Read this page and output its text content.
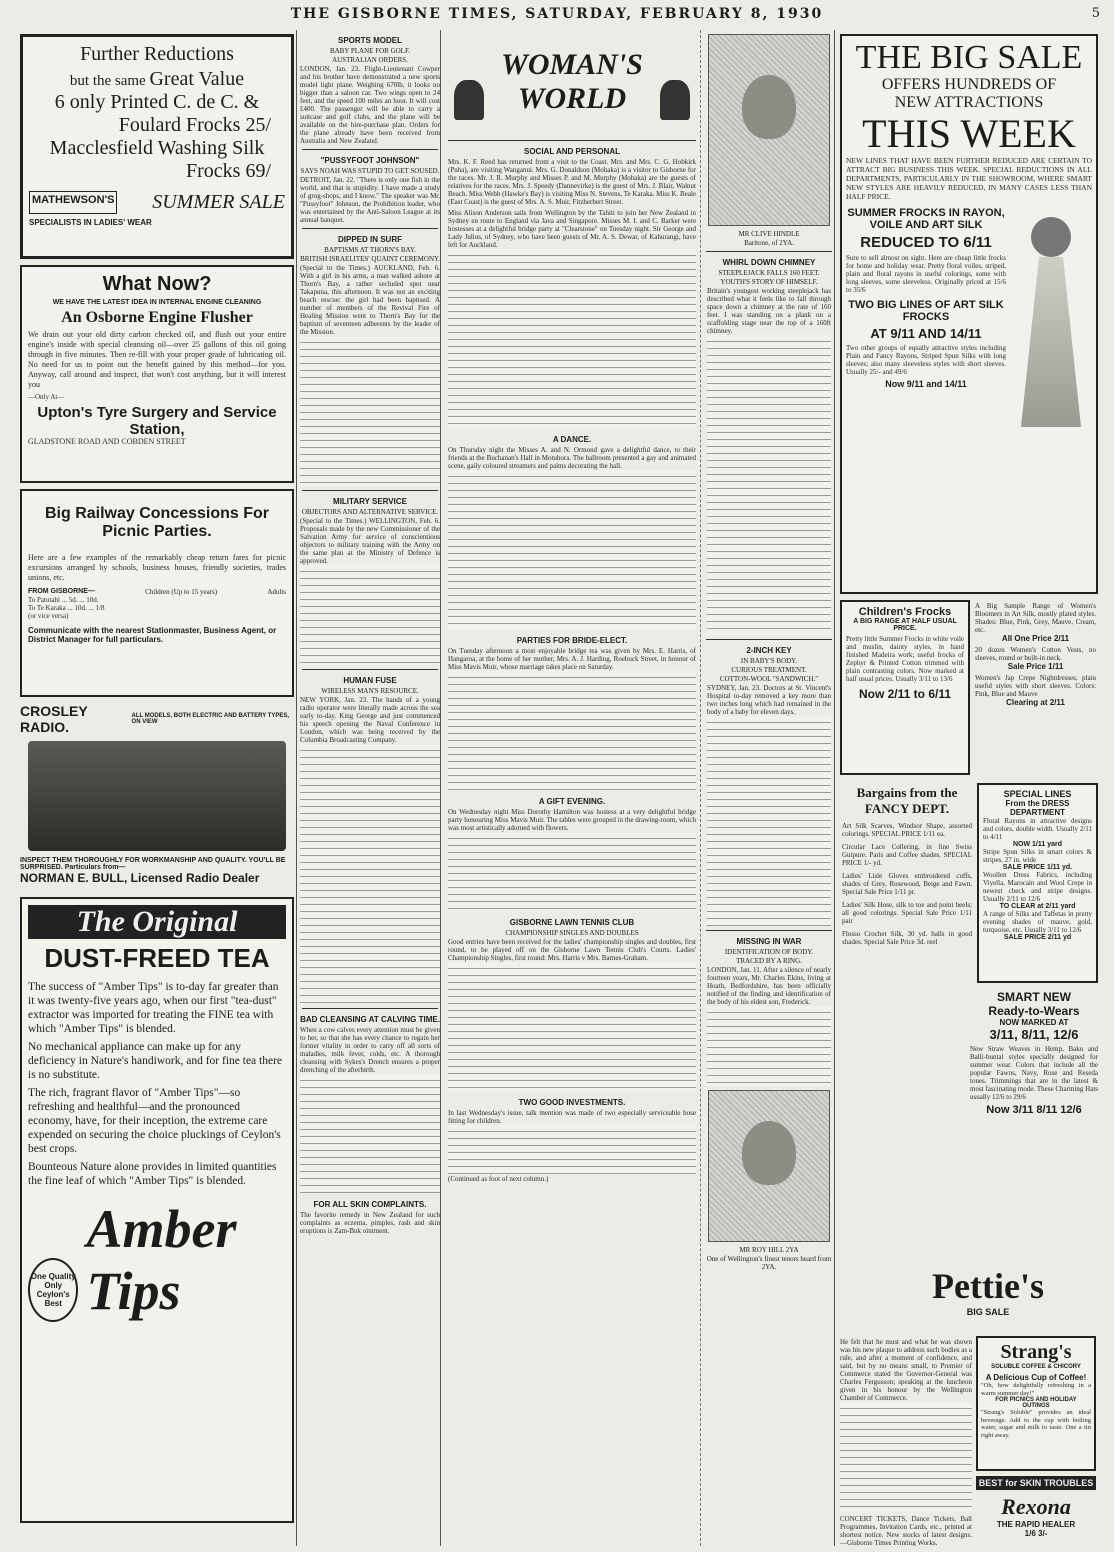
THE GISBORNE TIMES, SATURDAY, FEBRUARY 8, 1930	5
Further Reductions
but the same Great Value
6 only Printed C. de C. &
Foulard Frocks 25/
Macclesfield Washing Silk
Frocks 69/
MATHEWSON'S SUMMER SALE
SPECIALISTS IN LADIES' WEAR
What Now?
WE HAVE THE LATEST IDEA IN INTERNAL ENGINE CLEANING
An Osborne Engine Flusher
We drain out your old dirty carbon checked oil, and flush out your entire engine's inside with special cleansing oil—over 25 gallons of this oil going through in five minutes. Then re-fill with your proper grade of lubricating oil. No need for us to point out the benefit gained by this method—for you. Anyway, call around and inspect, that won't cost anything, but it will interest you
—Only At—
Upton's Tyre Surgery and Service Station,
GLADSTONE ROAD AND COBDEN STREET
Big Railway Concessions For Picnic Parties.
Here are a few examples of the remarkably cheap return fares for picnic excursions arranged by schools, business houses, friendly societies, trades unions, etc.
FROM GISBORNE—	Children (Up to 15 years)	Adults
To Patutahi ... 5d. ... 10d.
To Te Karaka ... 10d. ... 1/8
(or vice versa)
Communicate with the nearest Stationmaster, Business Agent, or District Manager for full particulars.
CROSLEY RADIO.
ALL MODELS, BOTH ELECTRIC AND BATTERY TYPES, ON VIEW
INSPECT THEM THOROUGHLY FOR WORKMANSHIP AND QUALITY. YOU'LL BE SURPRISED. Particulars from—
NORMAN E. BULL, Licensed Radio Dealer
The Original
DUST-FREED TEA
The success of "Amber Tips" is to-day far greater than it was twenty-five years ago, when our first "tea-dust" extractor was imported for treating the FINE tea with which "Amber Tips" is blended.
No mechanical appliance can make up for any deficiency in Nature's handiwork, and for fine tea there is no substitute.
The rich, fragrant flavor of "Amber Tips"—so refreshing and healthful—and the pronounced economy, have, for their inception, the extreme care expended on securing the choice pluckings of Ceylon's best crops.
Bounteous Nature alone provides in limited quantities the fine leaf of which "Amber Tips" is blended.
One Quality Only Ceylon's Best
Amber Tips
SPORTS MODEL
BABY PLANE FOR GOLF.
AUSTRALIAN ORDERS.
LONDON, Jan. 23. Flight-Lieutenant Cowper and his brother have demonstrated a new sports model light plane. Weighing 670lb, it looks no bigger than a saloon car. Two wings open to 24 feet, and the speed 100 miles an hour. It will cost £400. The passenger will be able to carry a suitcase and golf clubs, and the plane will be available on the hire-purchase plan. Orders for the plane already have been received from Australia and New Zealand.
"PUSSYFOOT JOHNSON"
SAYS NOAH WAS STUPID TO GET SOUSED.
DETROIT, Jan. 22. "There is only one fish in the world, and that is stupidity. I have made a study of grog-shops, and I know." The speaker was Mr. "Pussyfoot" Johnson, the Prohibition leader, who was entertained by the Anti-Saloon League at its annual banquet.
DIPPED IN SURF
BAPTISMS AT THORN'S BAY.
BRITISH ISRAELITES' QUAINT CEREMONY.
(Special to the Times.) AUCKLAND, Feb. 6. With a girl in his arms, a man walked ashore at Thorn's Bay, a rather secluded spot near Takapuna, this afternoon. It was not an exciting beach rescue: the girl had been baptised. A number of members of the Revival Fire of Healing Mission went to Thorn's Bay for the baptism of seventeen adherents by the leader of the Mission.
MILITARY SERVICE
OBJECTORS AND ALTERNATIVE SERVICE.
(Special to the Times.) WELLINGTON, Feb. 6. Proposals made by the new Commissioner of the Salvation Army for service of conscientious objectors to military training with the Army on the same plan at the Ministry of Defence is approved.
HUMAN FUSE
WIRELESS MAN'S RESOURCE.
NEW YORK, Jan. 23. The hands of a young radio operator were literally made across the sea early to-day. King George and just commenced his speech opening the Naval Conference in London, which was being received by the Columbia Broadcasting Company.
BAD CLEANSING AT CALVING TIME.
When a cow calves every attention must be given to her, so that she has every chance to regain her former vitality in order to carry off all sorts of maladies, milk fever, colds, etc. A thorough cleansing with Sykes's Drench ensures a proper drenching of the afterbirth.
FOR ALL SKIN COMPLAINTS.
The favorite remedy in New Zealand for such complaints as eczema, pimples, rash and skin eruptions is Zam-Buk ointment.
WOMAN'S WORLD
SOCIAL AND PERSONAL
Mrs. K. F. Reed has returned from a visit to the Coast. Mrs. and Mrs. C. G. Hobkirk (Puha), are visiting Wanganui. Mrs. G. Donaldson (Mohaka) is a visitor to Gisborne for the races. Mr. J. R. Murphy and Misses P. and M. Murphy (Mohaka) are the guests of relatives for the races. Mrs. J. Speedy (Dannevirke) is the guest of Mrs. J. Blair, Walnut Beach. Miss Webb (Hawke's Bay) is visiting Miss N. Stevens, Te Karaka. Miss K. Beale (East Coast) is the guest of Mrs. A. S. Muir, Fitzherbert Street.
Miss Alison Anderson sails from Wellington by the Tahiti to join her New Zealand in Sydney en route to England via Java and Singapore. Misses M. I. and C. Barker were hostesses at a delightful bridge party at "Clearstone" on Tuesday night. Sir George and Lady Julius, of Sydney, who have been guests of Mr. A. S. Dewar, of Kahurangi, have left for Auckland.
A DANCE.
On Thursday night the Misses A. and N. Ormond gave a delightful dance, to their friends at the Buchanan's Hall in Motuhora. The ballroom presented a gay and animated scene, gaily coloured streamers and palms decorating the hall.
PARTIES FOR BRIDE-ELECT.
On Tuesday afternoon a most enjoyable bridge tea was given by Mrs. E. Harris, of Hangaroa, at the home of her mother, Mrs. A. J. Harding, Roebuck Street, in honour of Miss Mavis Muir, whose marriage takes place on Saturday.
A GIFT EVENING.
On Wednesday night Miss Dorothy Hamilton was hostess at a very delightful bridge party honouring Miss Mavis Muir. The tables were grouped in the drawing-room, which was most artistically adorned with flowers.
GISBORNE LAWN TENNIS CLUB
CHAMPIONSHIP SINGLES AND DOUBLES
Good entries have been received for the ladies' championship singles and doubles, first round, to be played off on the Gisborne Lawn Tennis Club's Courts. Ladies' Championship Singles, first round: Mrs. Harris v Mrs. Barnes-Graham.
TWO GOOD INVESTMENTS.
In last Wednesday's issue, talk mention was made of two especially serviceable hose fitting for children.
(Continued as foot of next column.)
MR CLIVE HINDLE
Baritone, of 2YA.
WHIRL DOWN CHIMNEY
STEEPLEJACK FALLS 160 FEET.
YOUTH'S STORY OF HIMSELF.
Britain's youngest working steeplejack has described what it feels like to fall through space down a chimney at the rate of 160 feet. I was standing on a plank on a scaffolding stage near the top of a 160ft chimney.
2-INCH KEY
IN BABY'S BODY.
CURIOUS TREATMENT.
COTTON-WOOL "SANDWICH."
SYDNEY, Jan. 23. Doctors at St. Vincent's Hospital to-day removed a key more than two inches long which had remained in the body of a baby for eleven days.
MISSING IN WAR
IDENTIFICATION OF BODY.
TRACED BY A RING.
LONDON, Jan. 11. After a silence of nearly fourteen years, Mr. Charles Ekins, living at Hoath, Bedfordshire, has been officially notified of the finding and identification of the body of his eldest son, Frederick.
MR ROY HILL 2YA
One of Wellington's finest tenors heard from 2YA.
THE BIG SALE
OFFERS HUNDREDS OF
NEW ATTRACTIONS
THIS WEEK
NEW LINES THAT HAVE BEEN FURTHER REDUCED ARE CERTAIN TO ATTRACT BIG BUSINESS THIS WEEK. SPECIAL REDUCTIONS IN ALL DEPARTMENTS, PARTICULARLY IN THE SHOWROOM, WHERE SMART NEW STYLES ARE HEAVILY REDUCED, IN MANY CASES LESS THAN HALF PRICE.
SUMMER FROCKS IN RAYON, VOILE AND ART SILK
REDUCED TO 6/11
Sure to sell almost on sight. Here are cheap little frocks for home and holiday wear. Pretty floral voiles, striped, plain and floral rayons in useful colorings, some with long sleeves, some sleeveless. Originally priced at 15/6 to 35/6
TWO BIG LINES OF ART SILK FROCKS
AT 9/11 AND 14/11
Two other groups of equally attractive styles including Plain and Fancy Rayons, Striped Spun Silks with long sleeves; also many sleeveless styles with short sleeves. Usually 25/- and 49/6
Now 9/11 and 14/11
Children's Frocks
A BIG RANGE AT HALF USUAL PRICE.
Pretty little Summer Frocks in white voile and muslin, dainty styles, in hand finished Madeira work; useful frocks of Zephyr & Printed Cotton trimmed with plain contrasting colors. Now marked at half usual prices. Usually 3/11 to 13/6
Now 2/11 to 6/11
A Big Sample Range of Women's Bloomers in Art Silk, mostly plated styles. Shades: Blue, Pink, Grey, Mauve, Cream, etc.
All One Price 2/11
20 dozen Women's Cotton Vests, no sleeves, round or built-in neck.
Sale Price 1/11
Women's Jap Crepe Nightdresses, plain useful styles with short sleeves. Colors: Pink, Blue and Mauve
Clearing at 2/11
Bargains from the FANCY DEPT.
Art Silk Scarves, Windsor Shape, assorted colorings. SPECIAL PRICE 1/11 ea.
Circular Lace Collering, in fine Swiss Guipure. Paris and Coffee shades. SPECIAL PRICE 1/- yd.
Ladies' Lisle Gloves embroidered cuffs, shades of Grey, Rosewood, Beige and Fawn. Special Sale Price 1/11 pr.
Ladies' Silk Hose, silk to toe and point heels; all good colorings. Special Sale Price 1/11 pair
Flosso Crochet Silk, 30 yd. balls in good shades. Special Sale Price 3d. reel
SPECIAL LINES
From the DRESS DEPARTMENT
Floral Rayons in attractive designs and colors, double width. Usually 2/11 to 4/11
NOW 1/11 yard
Stripe Spun Silks in smart colors & stripes, 27 in. wide
SALE PRICE 1/11 yd.
Woollen Dress Fabrics, including Viyella, Marocain and Wool Crepe in newest check and stripe designs. Usually 2/11 to 12/6
TO CLEAR at 2/11 yard
A range of Silks and Taffetas in pretty evening shades of mauve, gold, turquoise, etc. Usually 3/11 to 12/6
SALE PRICE 2/11 yd
SMART NEW
Ready-to-Wears
NOW MARKED AT
3/11, 8/11, 12/6
New Straw Weaves in Hemp, Baku and Balli-buntal styles specially designed for summer wear. Colors that include all the popular Fawns, Navy, Rose and Reseda tones. Trimmings that are in the latest & most fascinating mode. These Charming Hats usually 12/6 to 29/6
Now 3/11 8/11 12/6
Pettie's
BIG SALE
He felt that he must and what he was shown was his new plaque to address such bodies as a rule, and after a moment of confidence, and said, but by no means small, to Premier of Commerce stated the Governor-General was Charles Fergusson; speaking at the luncheon given in his honour by the Wellington Chamber of Commerce.
CONCERT TICKETS, Dance Tickets, Ball Programmes, Invitation Cards, etc., printed at shortest notice. New stocks of latest designs.—Gisborne Times Printing Works.
Strang's
SOLUBLE COFFEE & CHICORY
A Delicious Cup of Coffee!
"Oh, how delightfully refreshing in a warm summer day!"
FOR PICNICS AND HOLIDAY OUTINGS
"Strang's Soluble" provides an ideal beverage. Add to the cup with boiling water, sugar and milk to taste. One a tin right away.
BEST for SKIN TROUBLES
Rexona
THE RAPID HEALER
1/6 3/-
